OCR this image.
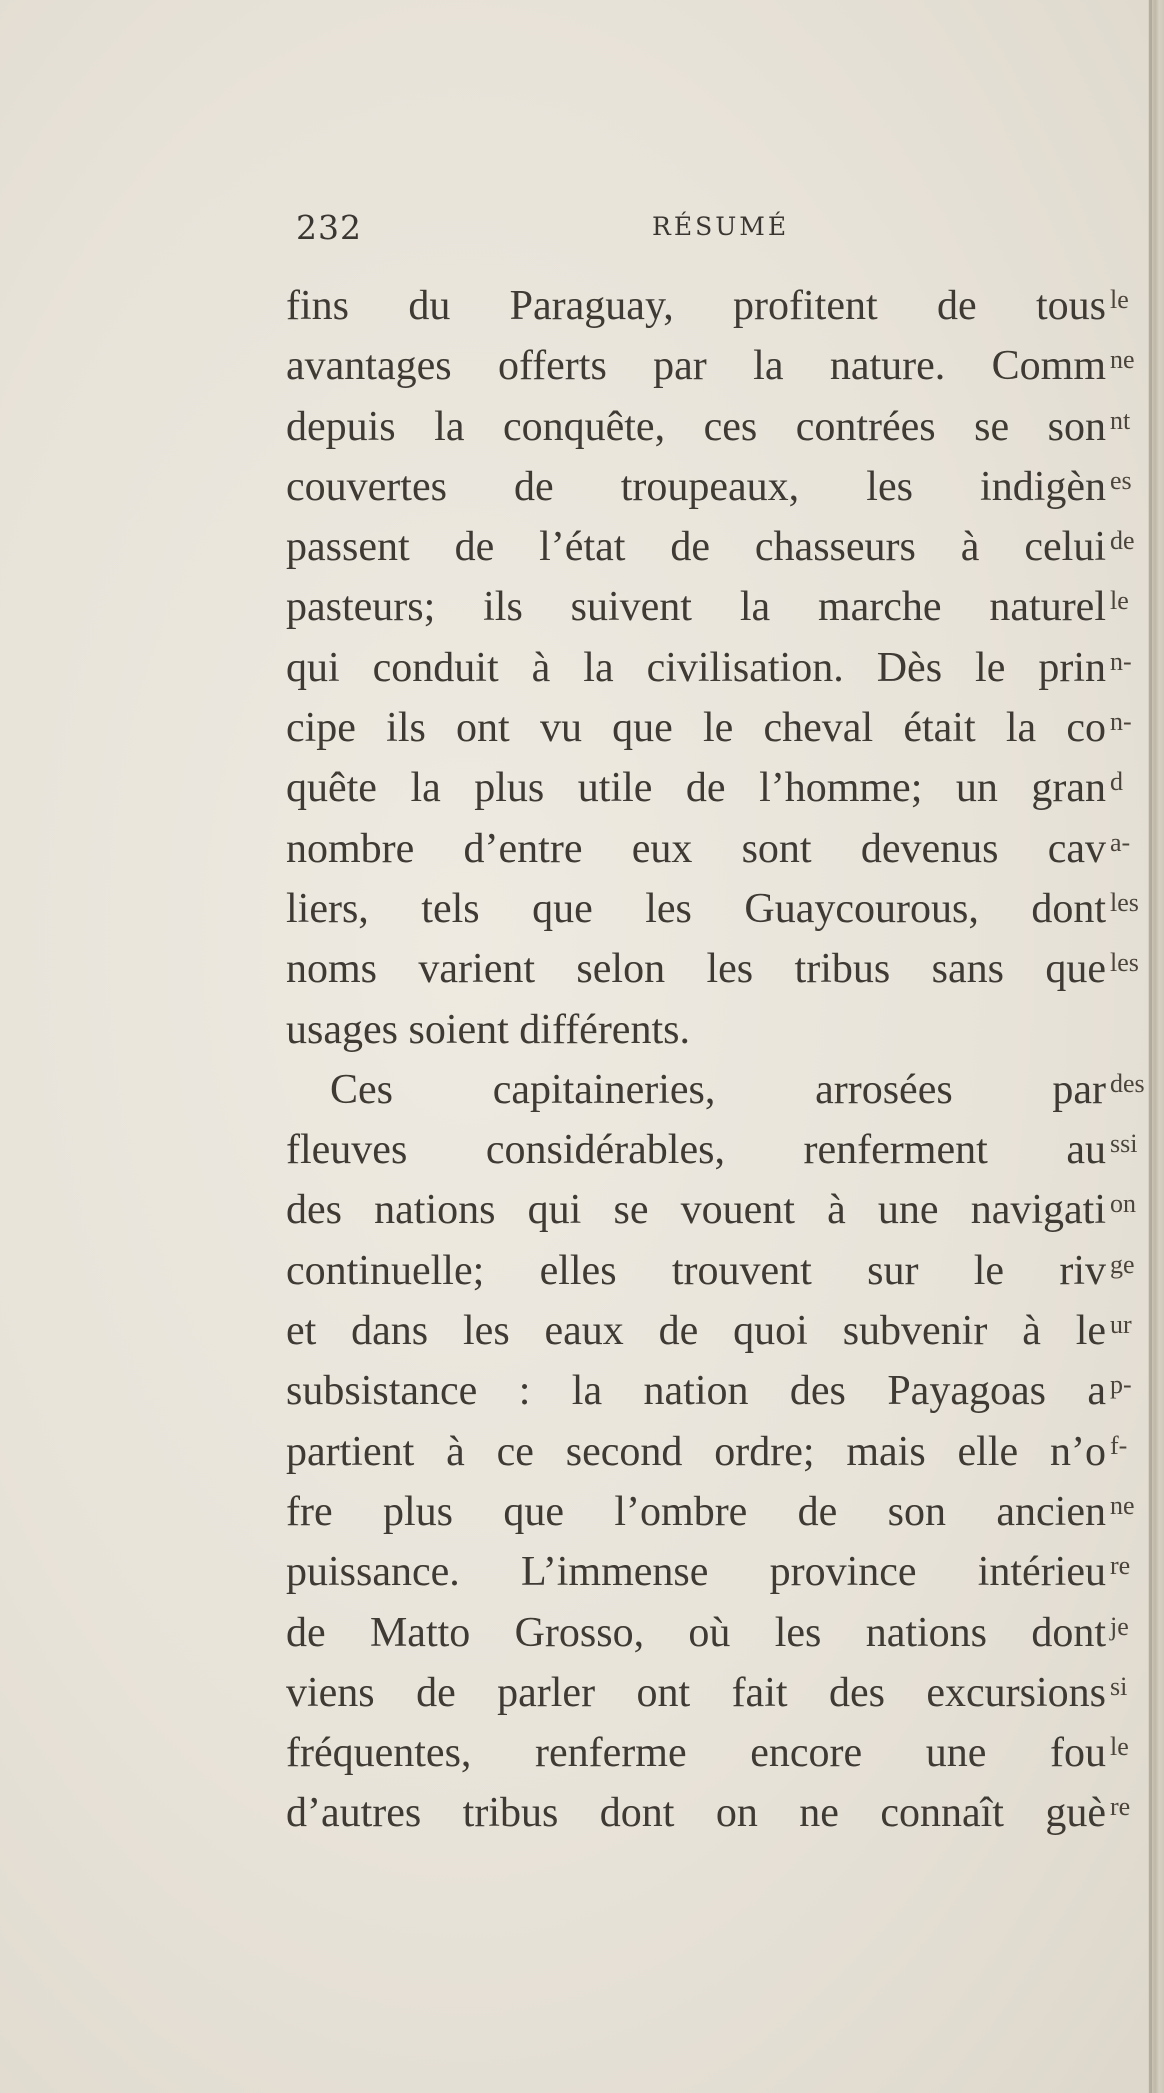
232	RÉSUMÉ
fins du Paraguay, profitent de tous
avantages offerts par la nature. Comm
depuis la conquête, ces contrées se son
couvertes de troupeaux, les indigèn
passent de l’état de chasseurs à celui
pasteurs; ils suivent la marche naturel
qui conduit à la civilisation. Dès le prin
cipe ils ont vu que le cheval était la co
quête la plus utile de l’homme; un gran
nombre d’entre eux sont devenus cav
liers, tels que les Guaycourous, dont
noms varient selon les tribus sans que
usages soient différents.
Ces capitaineries, arrosées par
fleuves considérables, renferment au
des nations qui se vouent à une navigati
continuelle; elles trouvent sur le riv
et dans les eaux de quoi subvenir à le
subsistance : la nation des Payagoas a
partient à ce second ordre; mais elle n’o
fre plus que l’ombre de son ancien
puissance. L’immense province intérieu
de Matto Grosso, où les nations dont
viens de parler ont fait des excursions
fréquentes, renferme encore une fou
d’autres tribus dont on ne connaît guè
le
ne
nt
es
de
le
n-
n-
d
a-
les
les
des
ssi
on
ge
ur
p-
f-
ne
re
je
si
le
re
